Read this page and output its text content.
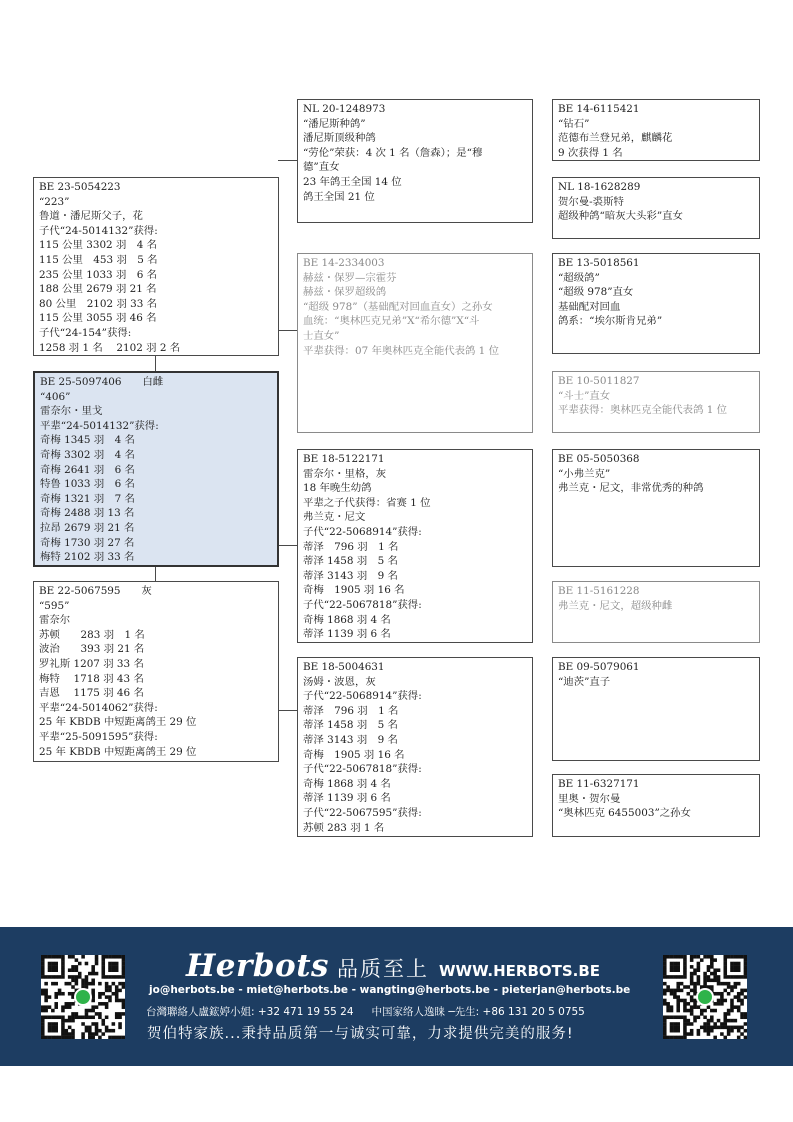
BE 23-5054223
“223”
鲁道・潘尼斯父子，花
子代“24-5014132”获得:
115 公里 3302 羽　4 名
115 公里　453 羽　5 名
235 公里 1033 羽　6 名
188 公里 2679 羽 21 名
80 公里　2102 羽 33 名
115 公里 3055 羽 46 名
子代“24-154”获得:
1258 羽 1 名　 2102 羽 2 名
BE 25-5097406　　白雌
“406”
雷奈尔・里戈
平辈“24-5014132”获得:
奇梅 1345 羽　4 名
奇梅 3302 羽　4 名
奇梅 2641 羽　6 名
特鲁 1033 羽　6 名
奇梅 1321 羽　7 名
奇梅 2488 羽 13 名
拉昂 2679 羽 21 名
奇梅 1730 羽 27 名
梅特 2102 羽 33 名
BE 22-5067595　　灰
“595”
雷奈尔
苏顿　　283 羽　1 名
波治　　393 羽 21 名
罗礼斯 1207 羽 33 名
梅特　 1718 羽 43 名
吉恩　 1175 羽 46 名
平辈“24-5014062”获得:
25 年 KBDB 中短距离鸽王 29 位
平辈“25-5091595”获得:
25 年 KBDB 中短距离鸽王 29 位
NL 20-1248973
“潘尼斯种鸽”
潘尼斯顶级种鸽
“劳伦”荣获：4 次 1 名（詹森）；是“穆
德”直女
23 年鸽王全国 14 位
鸽王全国 21 位
BE 14-2334003
赫兹・保罗—宗霍芬
赫兹・保罗超级鸽
“超级 978”（基础配对回血直女）之孙女
血统：“奥林匹克兄弟”X“希尔德”X“斗
士直女”
平辈获得：07 年奥林匹克全能代表鸽 1 位
BE 18-5122171
雷奈尔・里格，灰
18 年晚生幼鸽
平辈之子代获得：省赛 1 位
弗兰克・尼文
子代“22-5068914”获得:
蒂泽　796 羽　1 名
蒂泽 1458 羽　5 名
蒂泽 3143 羽　9 名
奇梅　1905 羽 16 名
子代“22-5067818”获得:
奇梅 1868 羽 4 名
蒂泽 1139 羽 6 名
BE 18-5004631
汤姆・波恩，灰
子代“22-5068914”获得:
蒂泽　796 羽　1 名
蒂泽 1458 羽　5 名
蒂泽 3143 羽　9 名
奇梅　1905 羽 16 名
子代“22-5067818”获得:
奇梅 1868 羽 4 名
蒂泽 1139 羽 6 名
子代“22-5067595”获得:
苏顿 283 羽 1 名
BE 14-6115421
“钻石”
范德布兰登兄弟，麒麟花
9 次获得 1 名
NL 18-1628289
贺尔曼-裘斯特
超级种鸽“暗灰大头彩”直女
BE 13-5018561
“超级鸽”
“超级 978”直女
基础配对回血
鸽系：“埃尔斯肯兄弟”
BE 10-5011827
“斗士”直女
平辈获得：奥林匹克全能代表鸽 1 位
BE 05-5050368
“小弗兰克”
弗兰克・尼文，非常优秀的种鸽
BE 11-5161228
弗兰克・尼文，超级种雌
BE 09-5079061
“迪茨”直子
BE 11-6327171
里奥・贺尔曼
“奥林匹克 6455003”之孙女
Herbots 品质至上 WWW.HERBOTS.BE
jo@herbots.be - miet@herbots.be - wangting@herbots.be - pieterjan@herbots.be
台灣聯絡人盧鋐婷小姐: +32 471 19 55 24 中国家络人逸睐 ─先生: +86 131 20 5 0755
贺伯特家族...秉持品质第一与诚实可靠，力求提供完美的服务!
